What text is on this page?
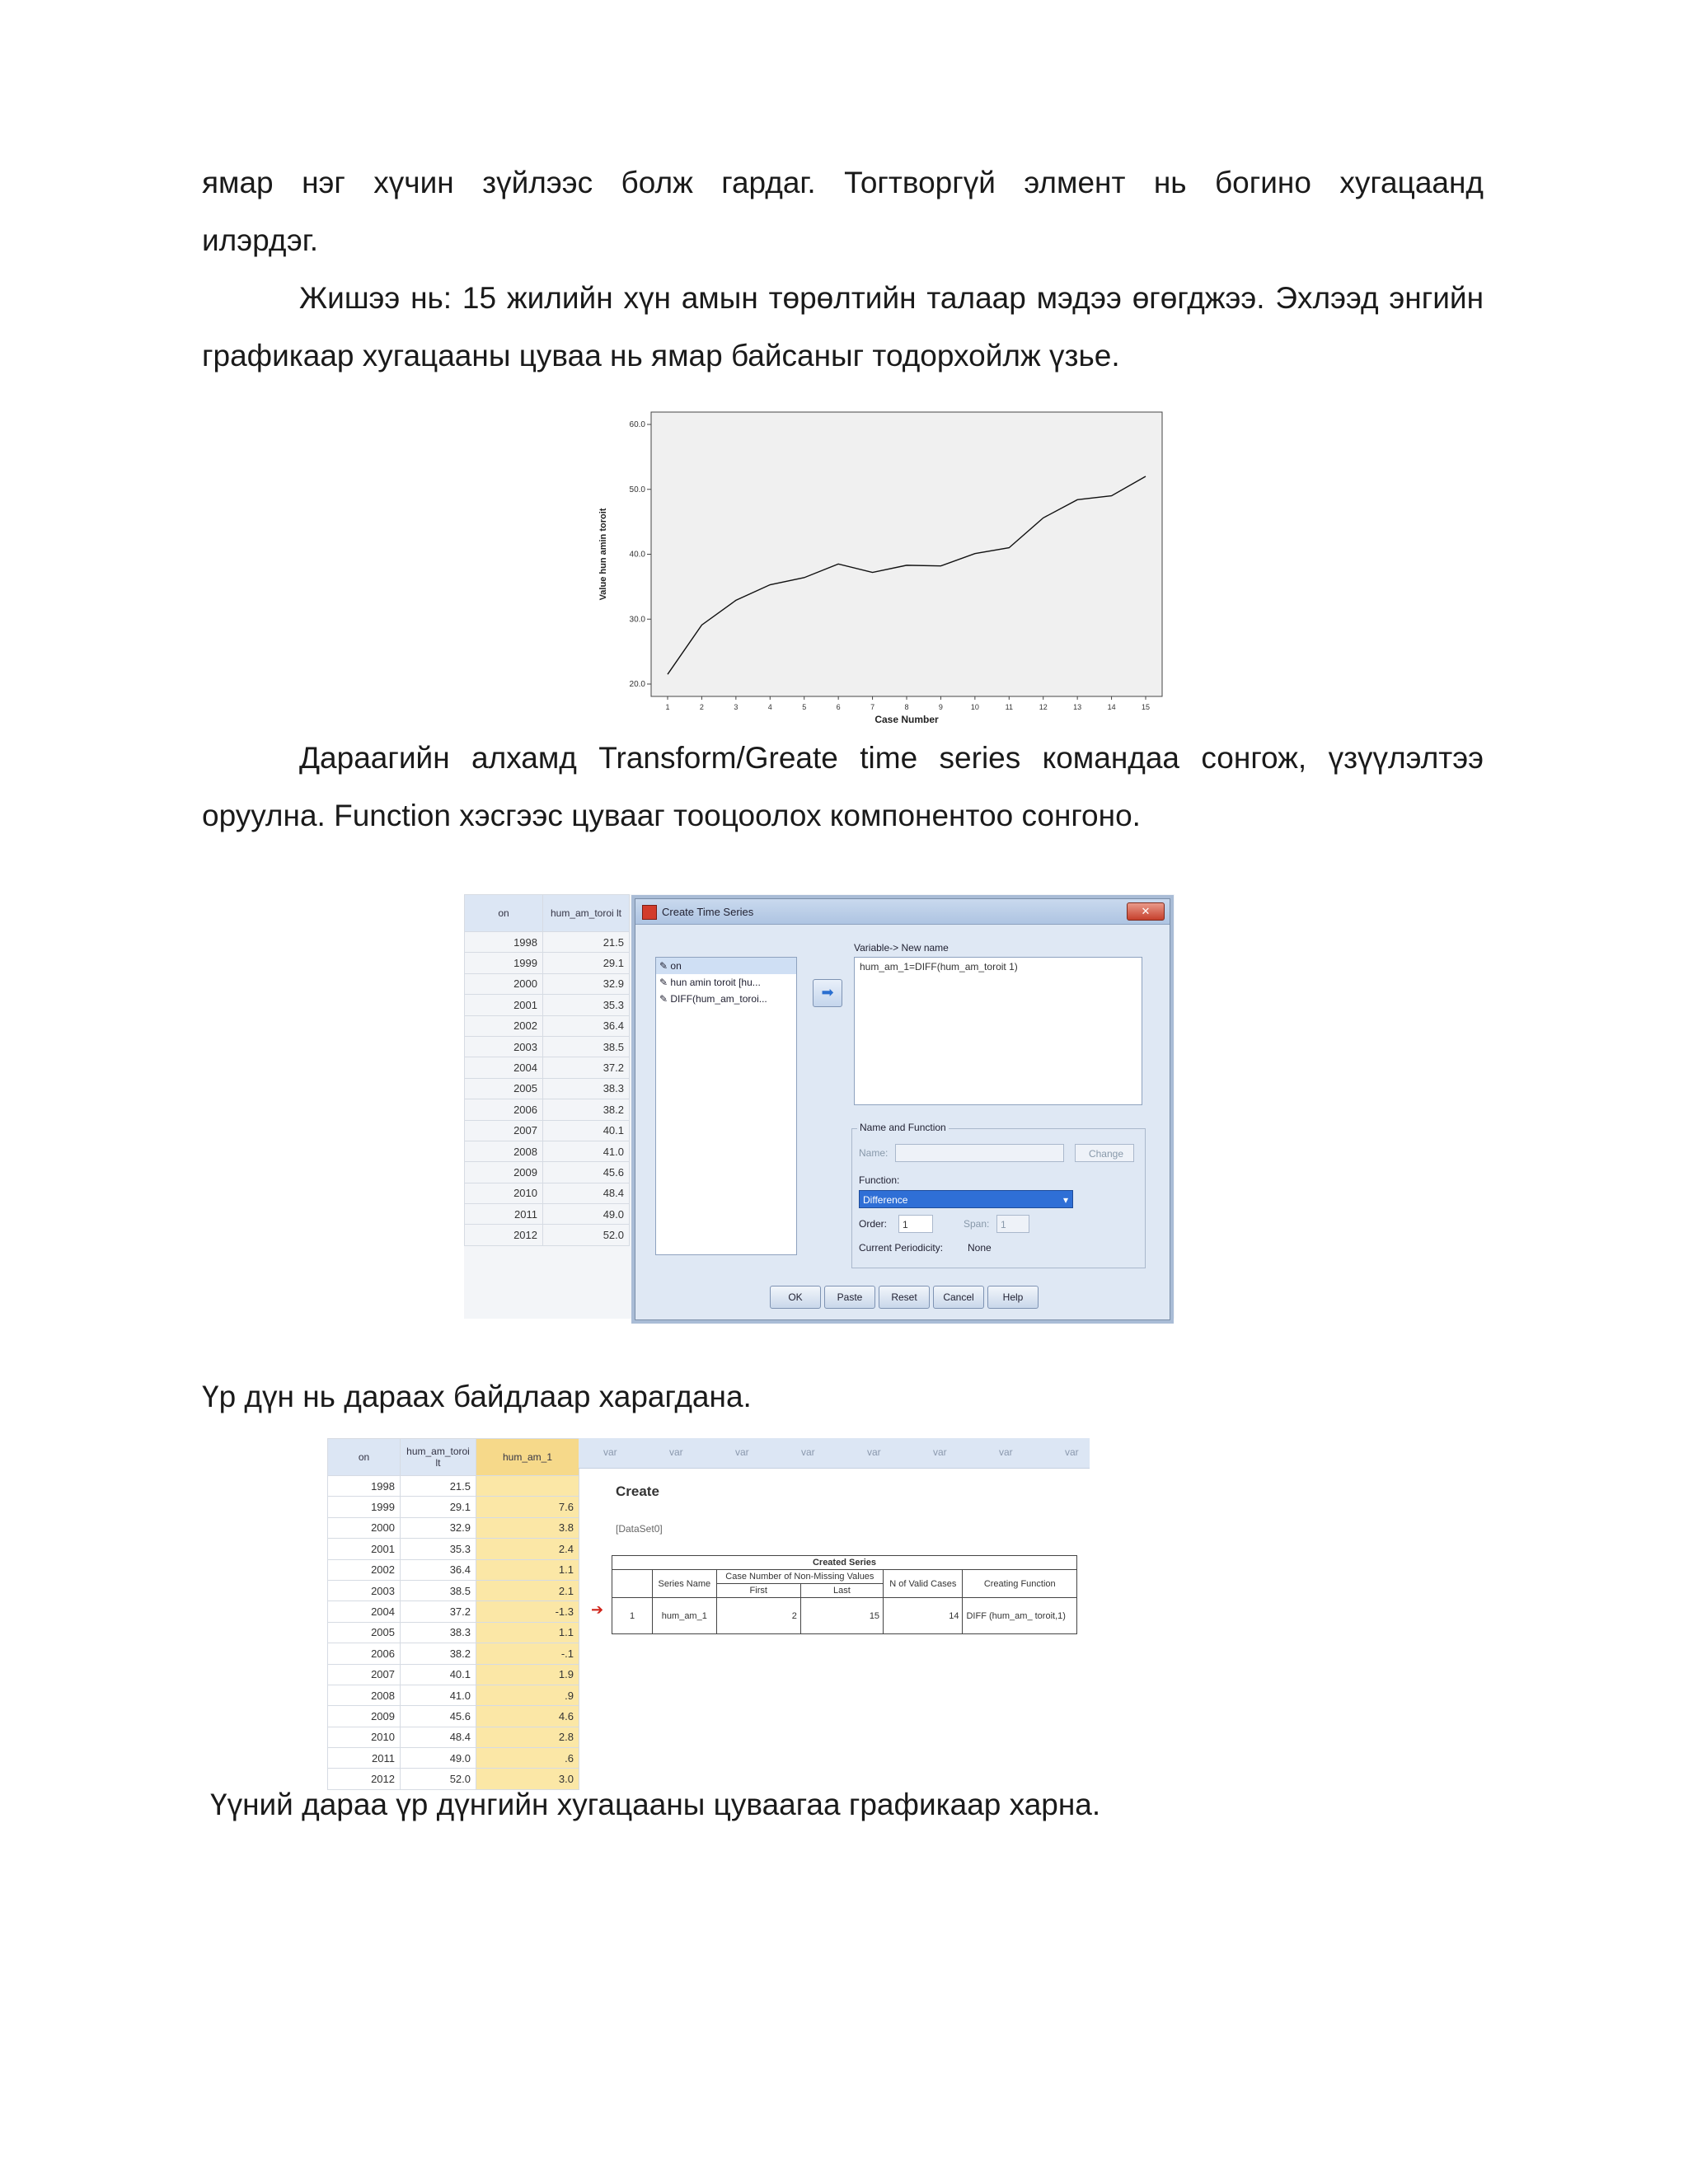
ямар нэг хүчин зүйлээс болж гардаг. Тогтворгүй элмент нь богино хугацаанд

илэрдэг.

Жишээ нь: 15 жилийн хүн амын төрөлтийн талаар мэдээ өгөгджээ. Эхлээд энгийн графикаар хугацааны цуваа нь ямар байсаныг тодорхойлж үзье.

20.0
30.0
40.0
50.0
60.0
1	2	3	4	5	6	7	8	9	10	11	12	13	14	15
Case Number
Value hun amin toroit

Дараагийн алхамд Transform/Greate time series командаа сонгож, үзүүлэлтээ оруулна. Function хэсгээс цувааг тооцоолох компонентоо сонгоно.

on	hum_am_toroi lt
1998	21.5
1999	29.1
2000	32.9
2001	35.3
2002	36.4
2003	38.5
2004	37.2
2005	38.3
2006	38.2
2007	40.1
2008	41.0
2009	45.6
2010	48.4
2011	49.0
2012	52.0
Create Time Series	✕
✎ on
✎ hun amin toroit [hu...
✎ DIFF(hum_am_toroi...	➡
Variable-> New name
hum_am_1=DIFF(hum_am_toroit 1)
Name and Function
Name:	Change
Function:
Difference	▾
Order:	1	Span:	1
Current Periodicity: None
OK	Paste	Reset	Cancel	Help

Үр дүн нь дараах байдлаар харагдана.

on	hum_am_toroi lt	hum_am_1
1998	21.5	
1999	29.1	7.6
2000	32.9	3.8
2001	35.3	2.4
2002	36.4	1.1
2003	38.5	2.1
2004	37.2	-1.3
2005	38.3	1.1
2006	38.2	-.1
2007	40.1	1.9
2008	41.0	.9
2009	45.6	4.6
2010	48.4	2.8
2011	49.0	.6
2012	52.0	3.0
var	var	var	var	var	var	var	var
Create
[DataSet0]
➔
Created Series					
	Series Name	Case Number of Non-Missing Values		N of Valid Cases	Creating Function
		First	Last		
1	hum_am_1	2	15	14	DIFF (hum_am_ toroit,1)

Үүний дараа үр дүнгийн хугацааны цуваагаа графикаар харна.
